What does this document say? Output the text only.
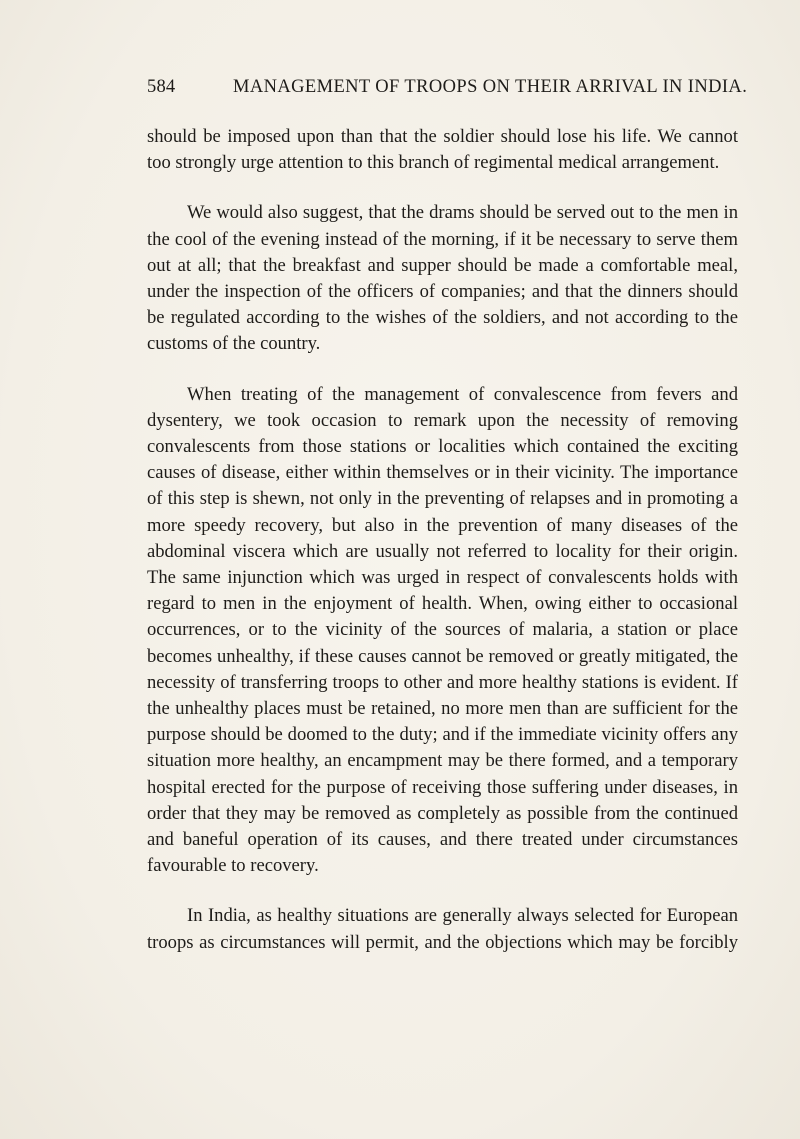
584	MANAGEMENT OF TROOPS ON THEIR ARRIVAL IN INDIA.

should be imposed upon than that the soldier should lose his life. We cannot too strongly urge attention to this branch of regimental medical arrangement.

We would also suggest, that the drams should be served out to the men in the cool of the evening instead of the morning, if it be necessary to serve them out at all; that the breakfast and supper should be made a comfortable meal, under the inspection of the officers of companies; and that the dinners should be regulated according to the wishes of the soldiers, and not according to the customs of the country.

When treating of the management of convalescence from fevers and dysentery, we took occasion to remark upon the necessity of removing convalescents from those stations or localities which contained the exciting causes of disease, either within themselves or in their vicinity. The importance of this step is shewn, not only in the preventing of relapses and in promoting a more speedy recovery, but also in the prevention of many diseases of the abdominal viscera which are usually not referred to locality for their origin. The same injunction which was urged in respect of convalescents holds with regard to men in the enjoyment of health. When, owing either to occasional occurrences, or to the vicinity of the sources of malaria, a station or place becomes unhealthy, if these causes cannot be removed or greatly mitigated, the necessity of transferring troops to other and more healthy stations is evident. If the unhealthy places must be retained, no more men than are sufficient for the purpose should be doomed to the duty; and if the immediate vicinity offers any situation more healthy, an encampment may be there formed, and a temporary hospital erected for the purpose of receiving those suffering under diseases, in order that they may be removed as completely as possible from the continued and baneful operation of its causes, and there treated under circumstances favourable to recovery.

In India, as healthy situations are generally always selected for European troops as circumstances will permit, and the objections which may be forcibly
